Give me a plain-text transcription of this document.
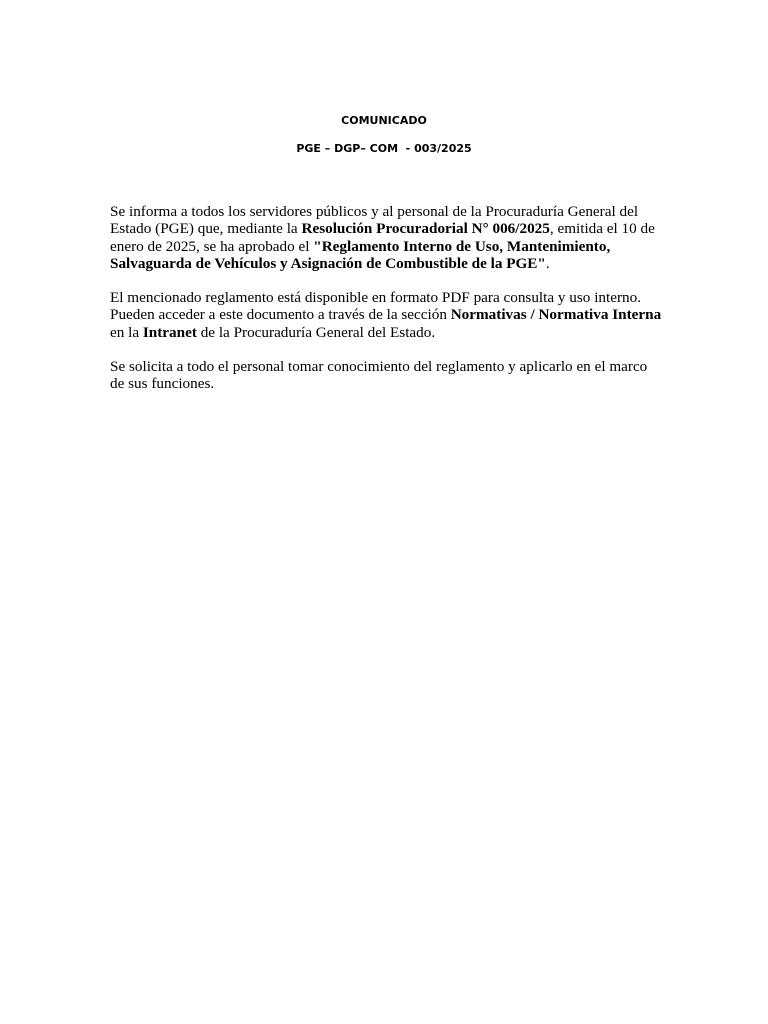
COMUNICADO
PGE – DGP– COM  - 003/2025

Se informa a todos los servidores públicos y al personal de la Procuraduría General del Estado (PGE) que, mediante la Resolución Procuradorial N° 006/2025, emitida el 10 de enero de 2025, se ha aprobado el "Reglamento Interno de Uso, Mantenimiento, Salvaguarda de Vehículos y Asignación de Combustible de la PGE".

El mencionado reglamento está disponible en formato PDF para consulta y uso interno. Pueden acceder a este documento a través de la sección Normativas / Normativa Interna en la Intranet de la Procuraduría General del Estado.

Se solicita a todo el personal tomar conocimiento del reglamento y aplicarlo en el marco de sus funciones.
